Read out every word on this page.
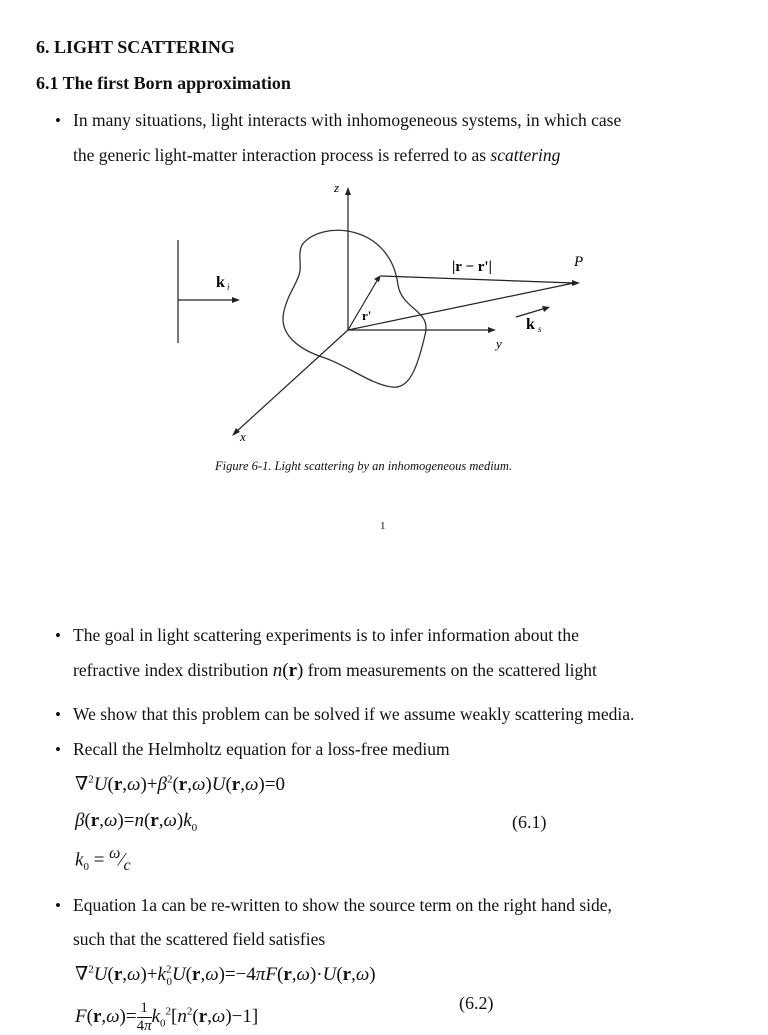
6. LIGHT SCATTERING
6.1 The first Born approximation
• In many situations, light interacts with inhomogeneous systems, in which case
the generic light-matter interaction process is referred to as scattering
k i
z
y
x
r'
|r − r'|	P
k s
Figure 6-1. Light scattering by an inhomogeneous medium.
1
• The goal in light scattering experiments is to infer information about the
refractive index distribution n(r) from measurements on the scattered light
• We show that this problem can be solved if we assume weakly scattering media.
• Recall the Helmholtz equation for a loss-free medium
$\nabla^2U(r,\omega)+\beta^2(r,\omega)U(r,\omega)=0$
$\beta(r,\omega)=n(r,\omega)k_0$	(6.1)
$k_0$ = $^\omega⁄_c$
• Equation 1a can be re-written to show the source term on the right hand side,
such that the scattered field satisfies
$\nabla^2U(r,\omega)+k^2_0U(r,\omega)=-4\pi F(r,\omega)\cdot U(r,\omega)$
(6.2)
$F(r,\omega)= \frac{1}{4\pi} k_0^2[n^2(r,\omega)-1]$
